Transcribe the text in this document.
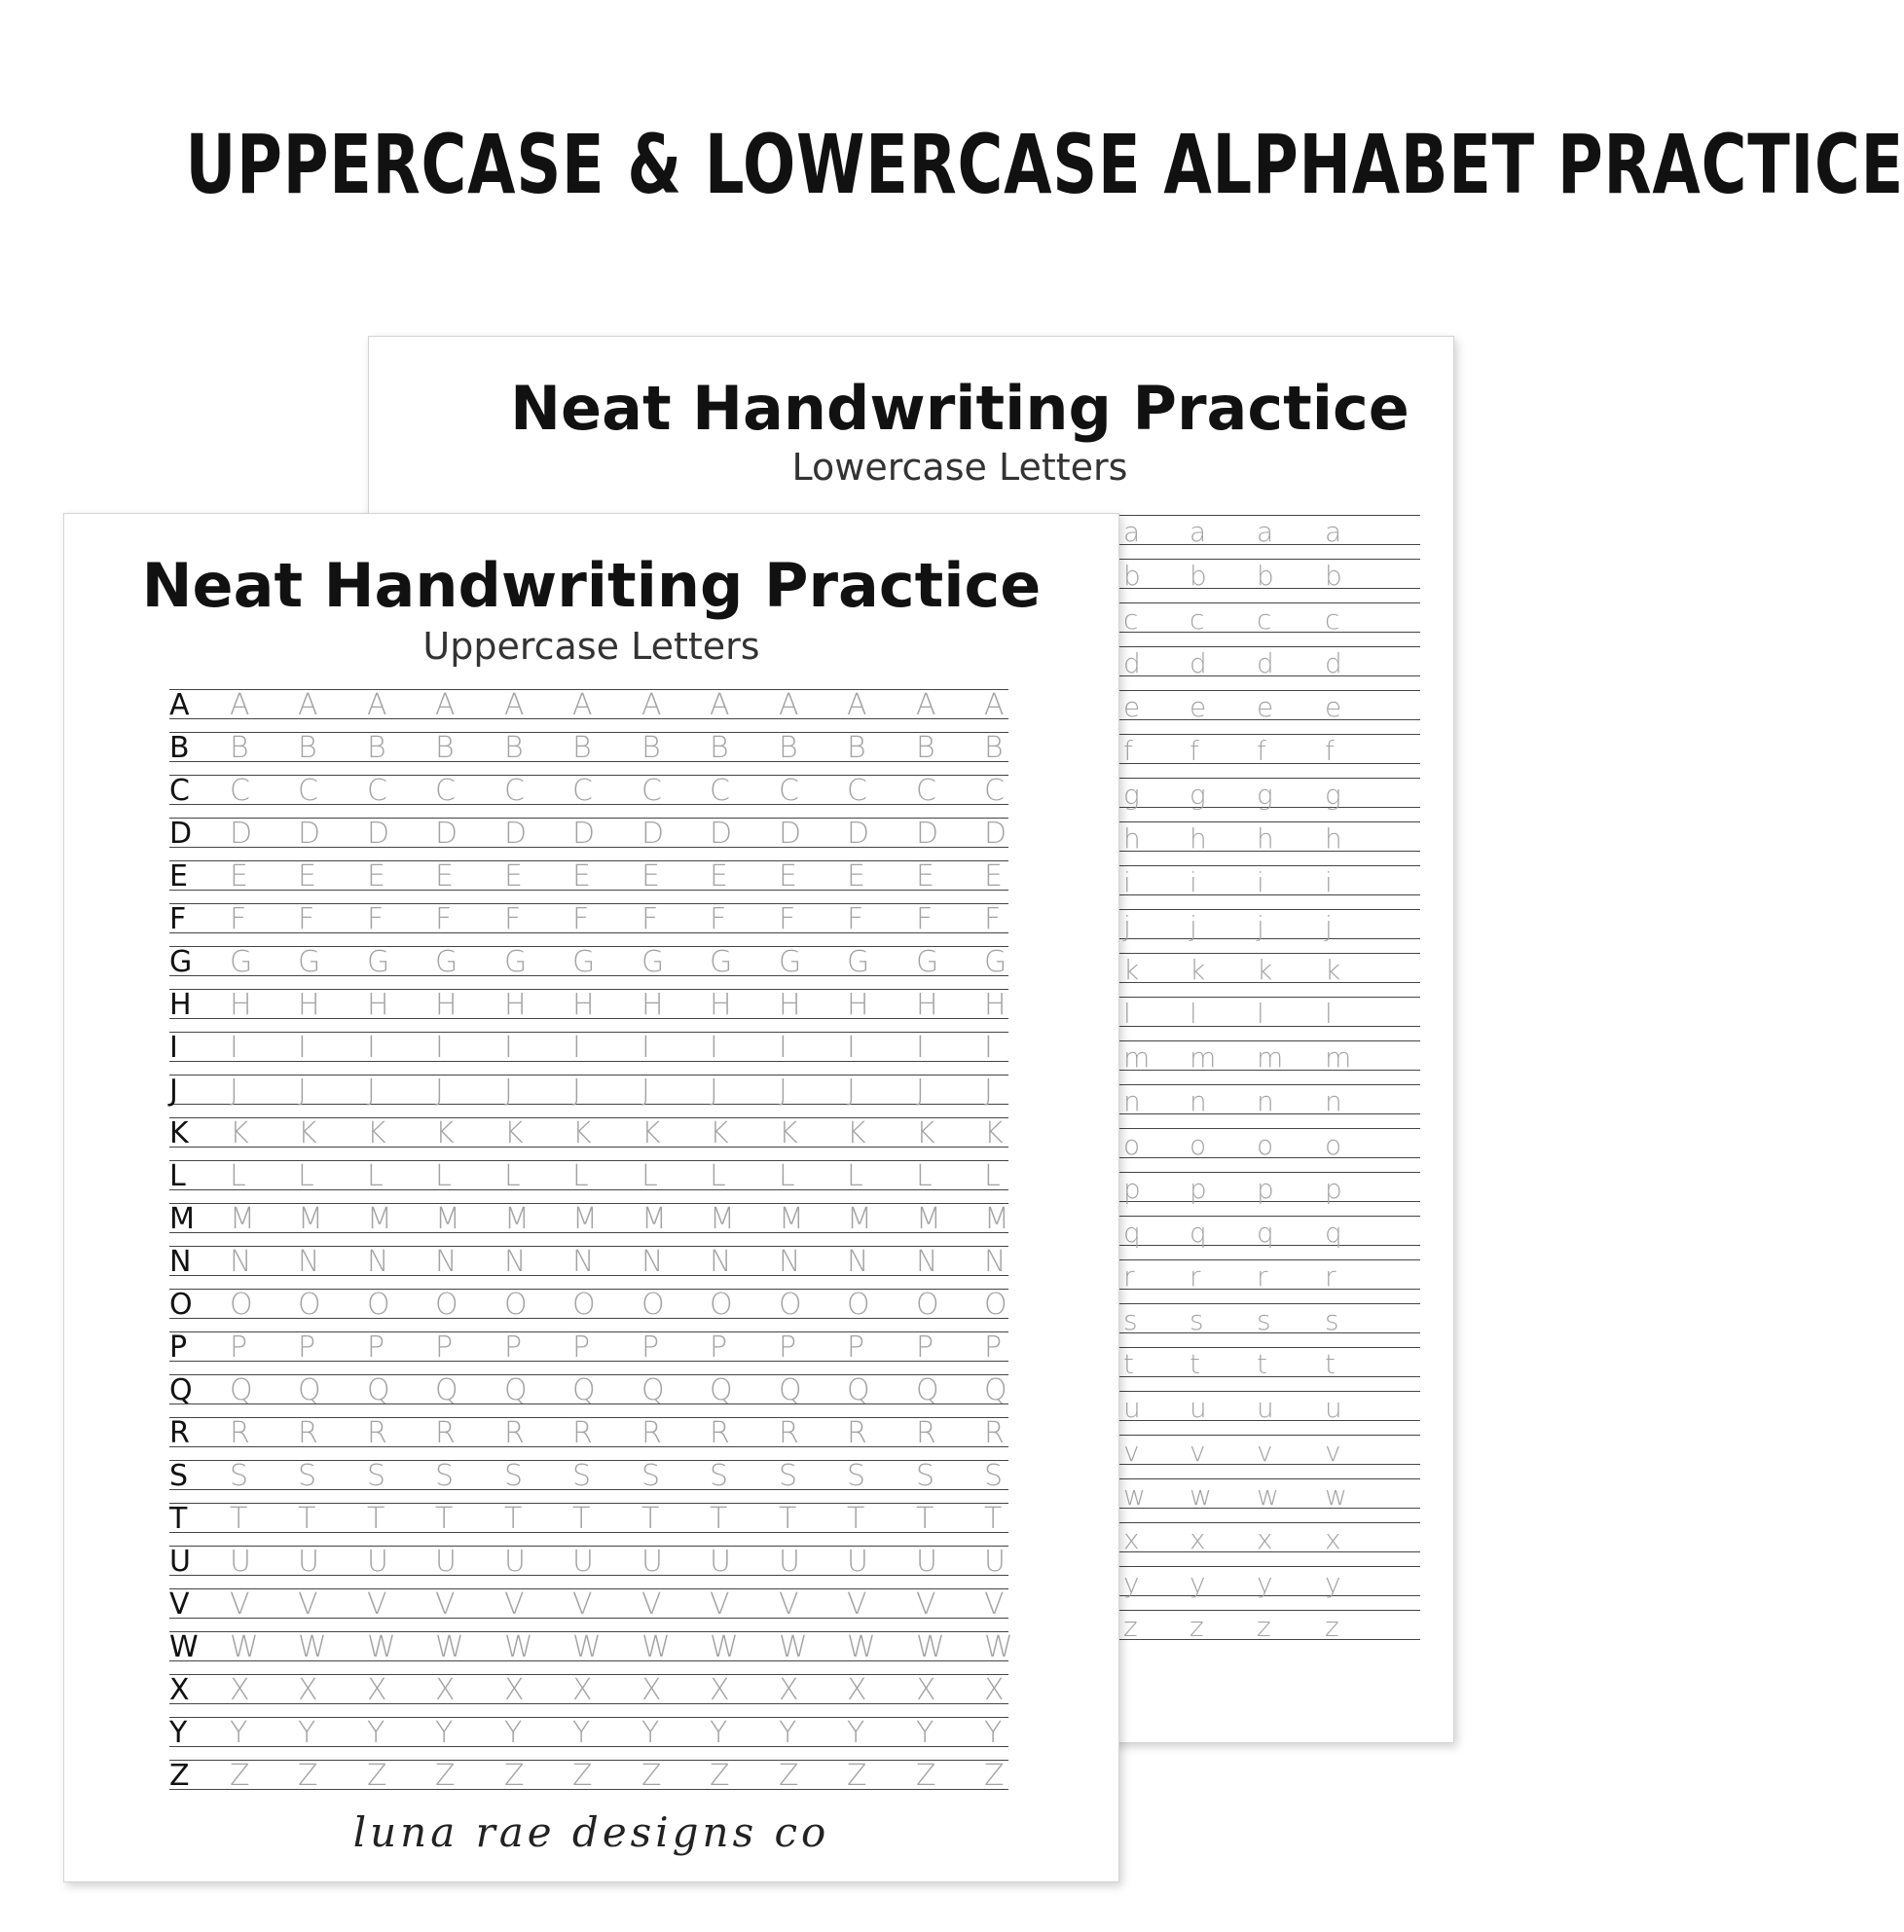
UPPERCASE & LOWERCASE ALPHABET PRACTICE
Neat Handwriting Practice
Lowercase Letters
a a a a
b b b b
c c c c
d d d d
e e e e
f f f f
g g g g
h h h h
i i i i
j j j j
k k k k
l l l l
m m m m
n n n n
o o o o
p p p p
q q q q
r r r r
s s s s
t t t t
u u u u
v v v v
w w w w
x x x x
y y y y
z z z z
Neat Handwriting Practice
Uppercase Letters
A A A A A A A A A A A A A
B B B B B B B B B B B B B
C C C C C C C C C C C C C
D D D D D D D D D D D D D
E E E E E E E E E E E E E
F F F F F F F F F F F F F
G G G G G G G G G G G G G
H H H H H H H H H H H H H
I I I I I I I I I I I I I
J J J J J J J J J J J J J
K K K K K K K K K K K K K
L L L L L L L L L L L L L
M M M M M M M M M M M M M
N N N N N N N N N N N N N
O O O O O O O O O O O O O
P P P P P P P P P P P P P
Q Q Q Q Q Q Q Q Q Q Q Q Q
R R R R R R R R R R R R R
S S S S S S S S S S S S S
T T T T T T T T T T T T T
U U U U U U U U U U U U U
V V V V V V V V V V V V V
W W W W W W W W W W W W W
X X X X X X X X X X X X X
Y Y Y Y Y Y Y Y Y Y Y Y Y
Z Z Z Z Z Z Z Z Z Z Z Z Z
luna rae designs co
